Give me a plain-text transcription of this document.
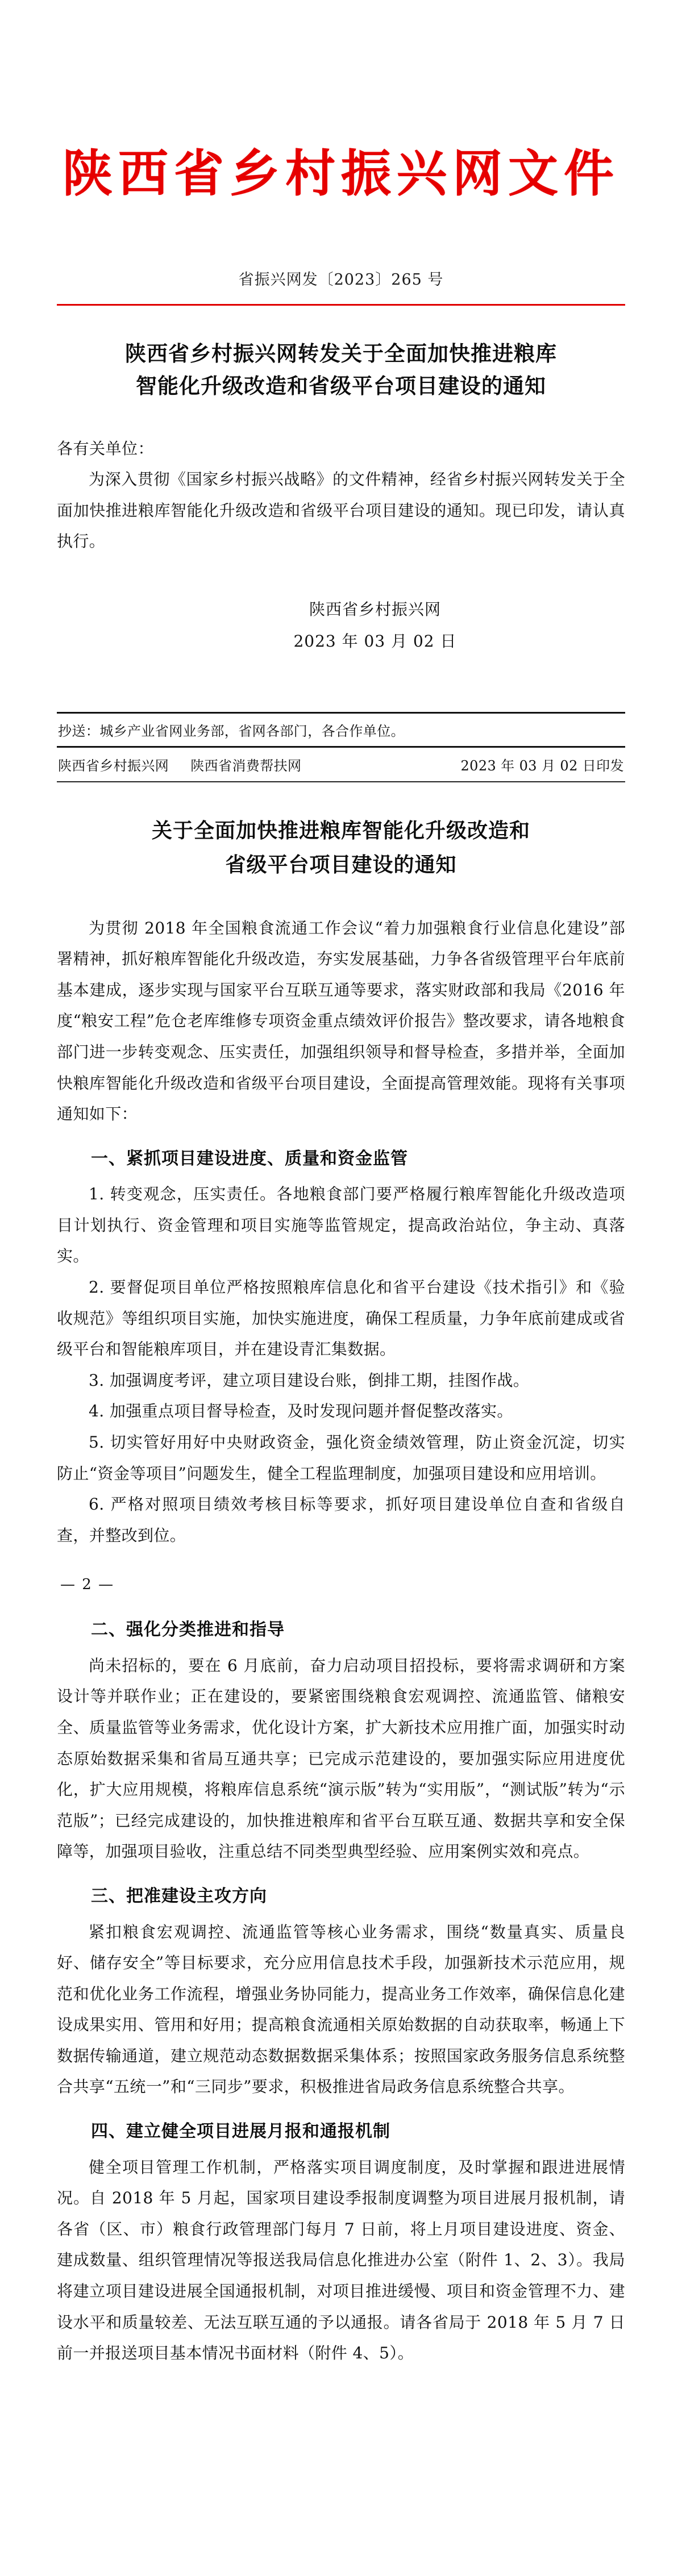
陕西省乡村振兴网文件
省振兴网发〔2023〕265 号
陕西省乡村振兴网转发关于全面加快推进粮库
智能化升级改造和省级平台项目建设的通知
各有关单位：

为深入贯彻《国家乡村振兴战略》的文件精神，经省乡村振兴网转发关于全面加快推进粮库智能化升级改造和省级平台项目建设的通知。现已印发，请认真执行。

陕西省乡村振兴网
2023 年 03 月 02 日
抄送：城乡产业省网业务部，省网各部门，各合作单位。
陕西省乡村振兴网 陕西省消费帮扶网	2023 年 03 月 02 日印发
关于全面加快推进粮库智能化升级改造和
省级平台项目建设的通知

为贯彻 2018 年全国粮食流通工作会议“着力加强粮食行业信息化建设”部署精神，抓好粮库智能化升级改造，夯实发展基础，力争各省级管理平台年底前基本建成，逐步实现与国家平台互联互通等要求，落实财政部和我局《2016 年度“粮安工程”危仓老库维修专项资金重点绩效评价报告》整改要求，请各地粮食部门进一步转变观念、压实责任，加强组织领导和督导检查，多措并举，全面加快粮库智能化升级改造和省级平台项目建设，全面提高管理效能。现将有关事项通知如下：

一、紧抓项目建设进度、质量和资金监管

1. 转变观念，压实责任。各地粮食部门要严格履行粮库智能化升级改造项目计划执行、资金管理和项目实施等监管规定，提高政治站位，争主动、真落实。

2. 要督促项目单位严格按照粮库信息化和省平台建设《技术指引》和《验收规范》等组织项目实施，加快实施进度，确保工程质量，力争年底前建成或省级平台和智能粮库项目，并在建设青汇集数据。

3. 加强调度考评，建立项目建设台账，倒排工期，挂图作战。

4. 加强重点项目督导检查，及时发现问题并督促整改落实。

5. 切实管好用好中央财政资金，强化资金绩效管理，防止资金沉淀，切实防止“资金等项目”问题发生，健全工程监理制度，加强项目建设和应用培训。

6. 严格对照项目绩效考核目标等要求，抓好项目建设单位自查和省级自查，并整改到位。

— 2 —
二、强化分类推进和指导

尚未招标的，要在 6 月底前，奋力启动项目招投标，要将需求调研和方案设计等并联作业；正在建设的，要紧密围绕粮食宏观调控、流通监管、储粮安全、质量监管等业务需求，优化设计方案，扩大新技术应用推广面，加强实时动态原始数据采集和省局互通共享；已完成示范建设的，要加强实际应用进度优化，扩大应用规模，将粮库信息系统“演示版”转为“实用版”，“测试版”转为“示范版”；已经完成建设的，加快推进粮库和省平台互联互通、数据共享和安全保障等，加强项目验收，注重总结不同类型典型经验、应用案例实效和亮点。

三、把准建设主攻方向

紧扣粮食宏观调控、流通监管等核心业务需求，围绕“数量真实、质量良好、储存安全”等目标要求，充分应用信息技术手段，加强新技术示范应用，规范和优化业务工作流程，增强业务协同能力，提高业务工作效率，确保信息化建设成果实用、管用和好用；提高粮食流通相关原始数据的自动获取率，畅通上下数据传输通道，建立规范动态数据数据采集体系；按照国家政务服务信息系统整合共享“五统一”和“三同步”要求，积极推进省局政务信息系统整合共享。

四、建立健全项目进展月报和通报机制

健全项目管理工作机制，严格落实项目调度制度，及时掌握和跟进进展情况。自 2018 年 5 月起，国家项目建设季报制度调整为项目进展月报机制，请各省（区、市）粮食行政管理部门每月 7 日前，将上月项目建设进度、资金、建成数量、组织管理情况等报送我局信息化推进办公室（附件 1、2、3）。我局将建立项目建设进展全国通报机制，对项目推进缓慢、项目和资金管理不力、建设水平和质量较差、无法互联互通的予以通报。请各省局于 2018 年 5 月 7 日前一并报送项目基本情况书面材料（附件 4、5）。
